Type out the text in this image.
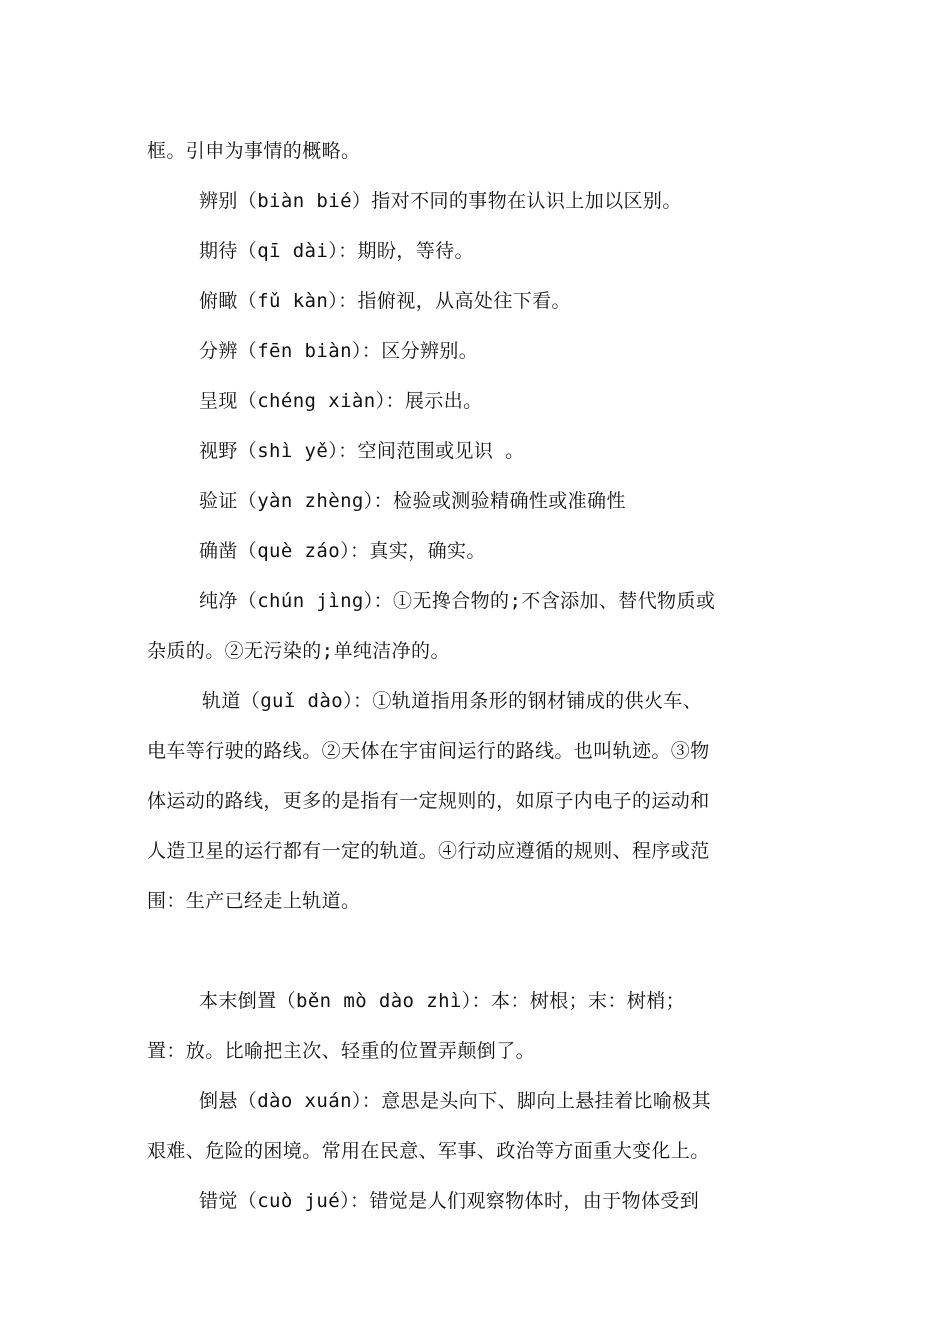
框。引申为事情的概略。
辨别（biàn bié）指对不同的事物在认识上加以区别。
期待（qī dài）：期盼，等待。
俯瞰（fǔ kàn）：指俯视，从高处往下看。
分辨（fēn biàn）：区分辨别。
呈现（chéng xiàn）：展示出。
视野（shì yě）：空间范围或见识 。
验证（yàn zhèng）：检验或测验精确性或准确性
确凿（què záo）：真实，确实。
纯净（chún jìng）：①无搀合物的;不含添加、替代物质或
杂质的。②无污染的;单纯洁净的。
轨道（guǐ dào）：①轨道指用条形的钢材铺成的供火车、
电车等行驶的路线。②天体在宇宙间运行的路线。也叫轨迹。③物
体运动的路线，更多的是指有一定规则的，如原子内电子的运动和
人造卫星的运行都有一定的轨道。④行动应遵循的规则、程序或范
围：生产已经走上轨道。
本末倒置（běn mò dào zhì）：本：树根；末：树梢；
置：放。比喻把主次、轻重的位置弄颠倒了。
倒悬（dào xuán）：意思是头向下、脚向上悬挂着比喻极其
艰难、危险的困境。常用在民意、军事、政治等方面重大变化上。
错觉（cuò jué）：错觉是人们观察物体时，由于物体受到
